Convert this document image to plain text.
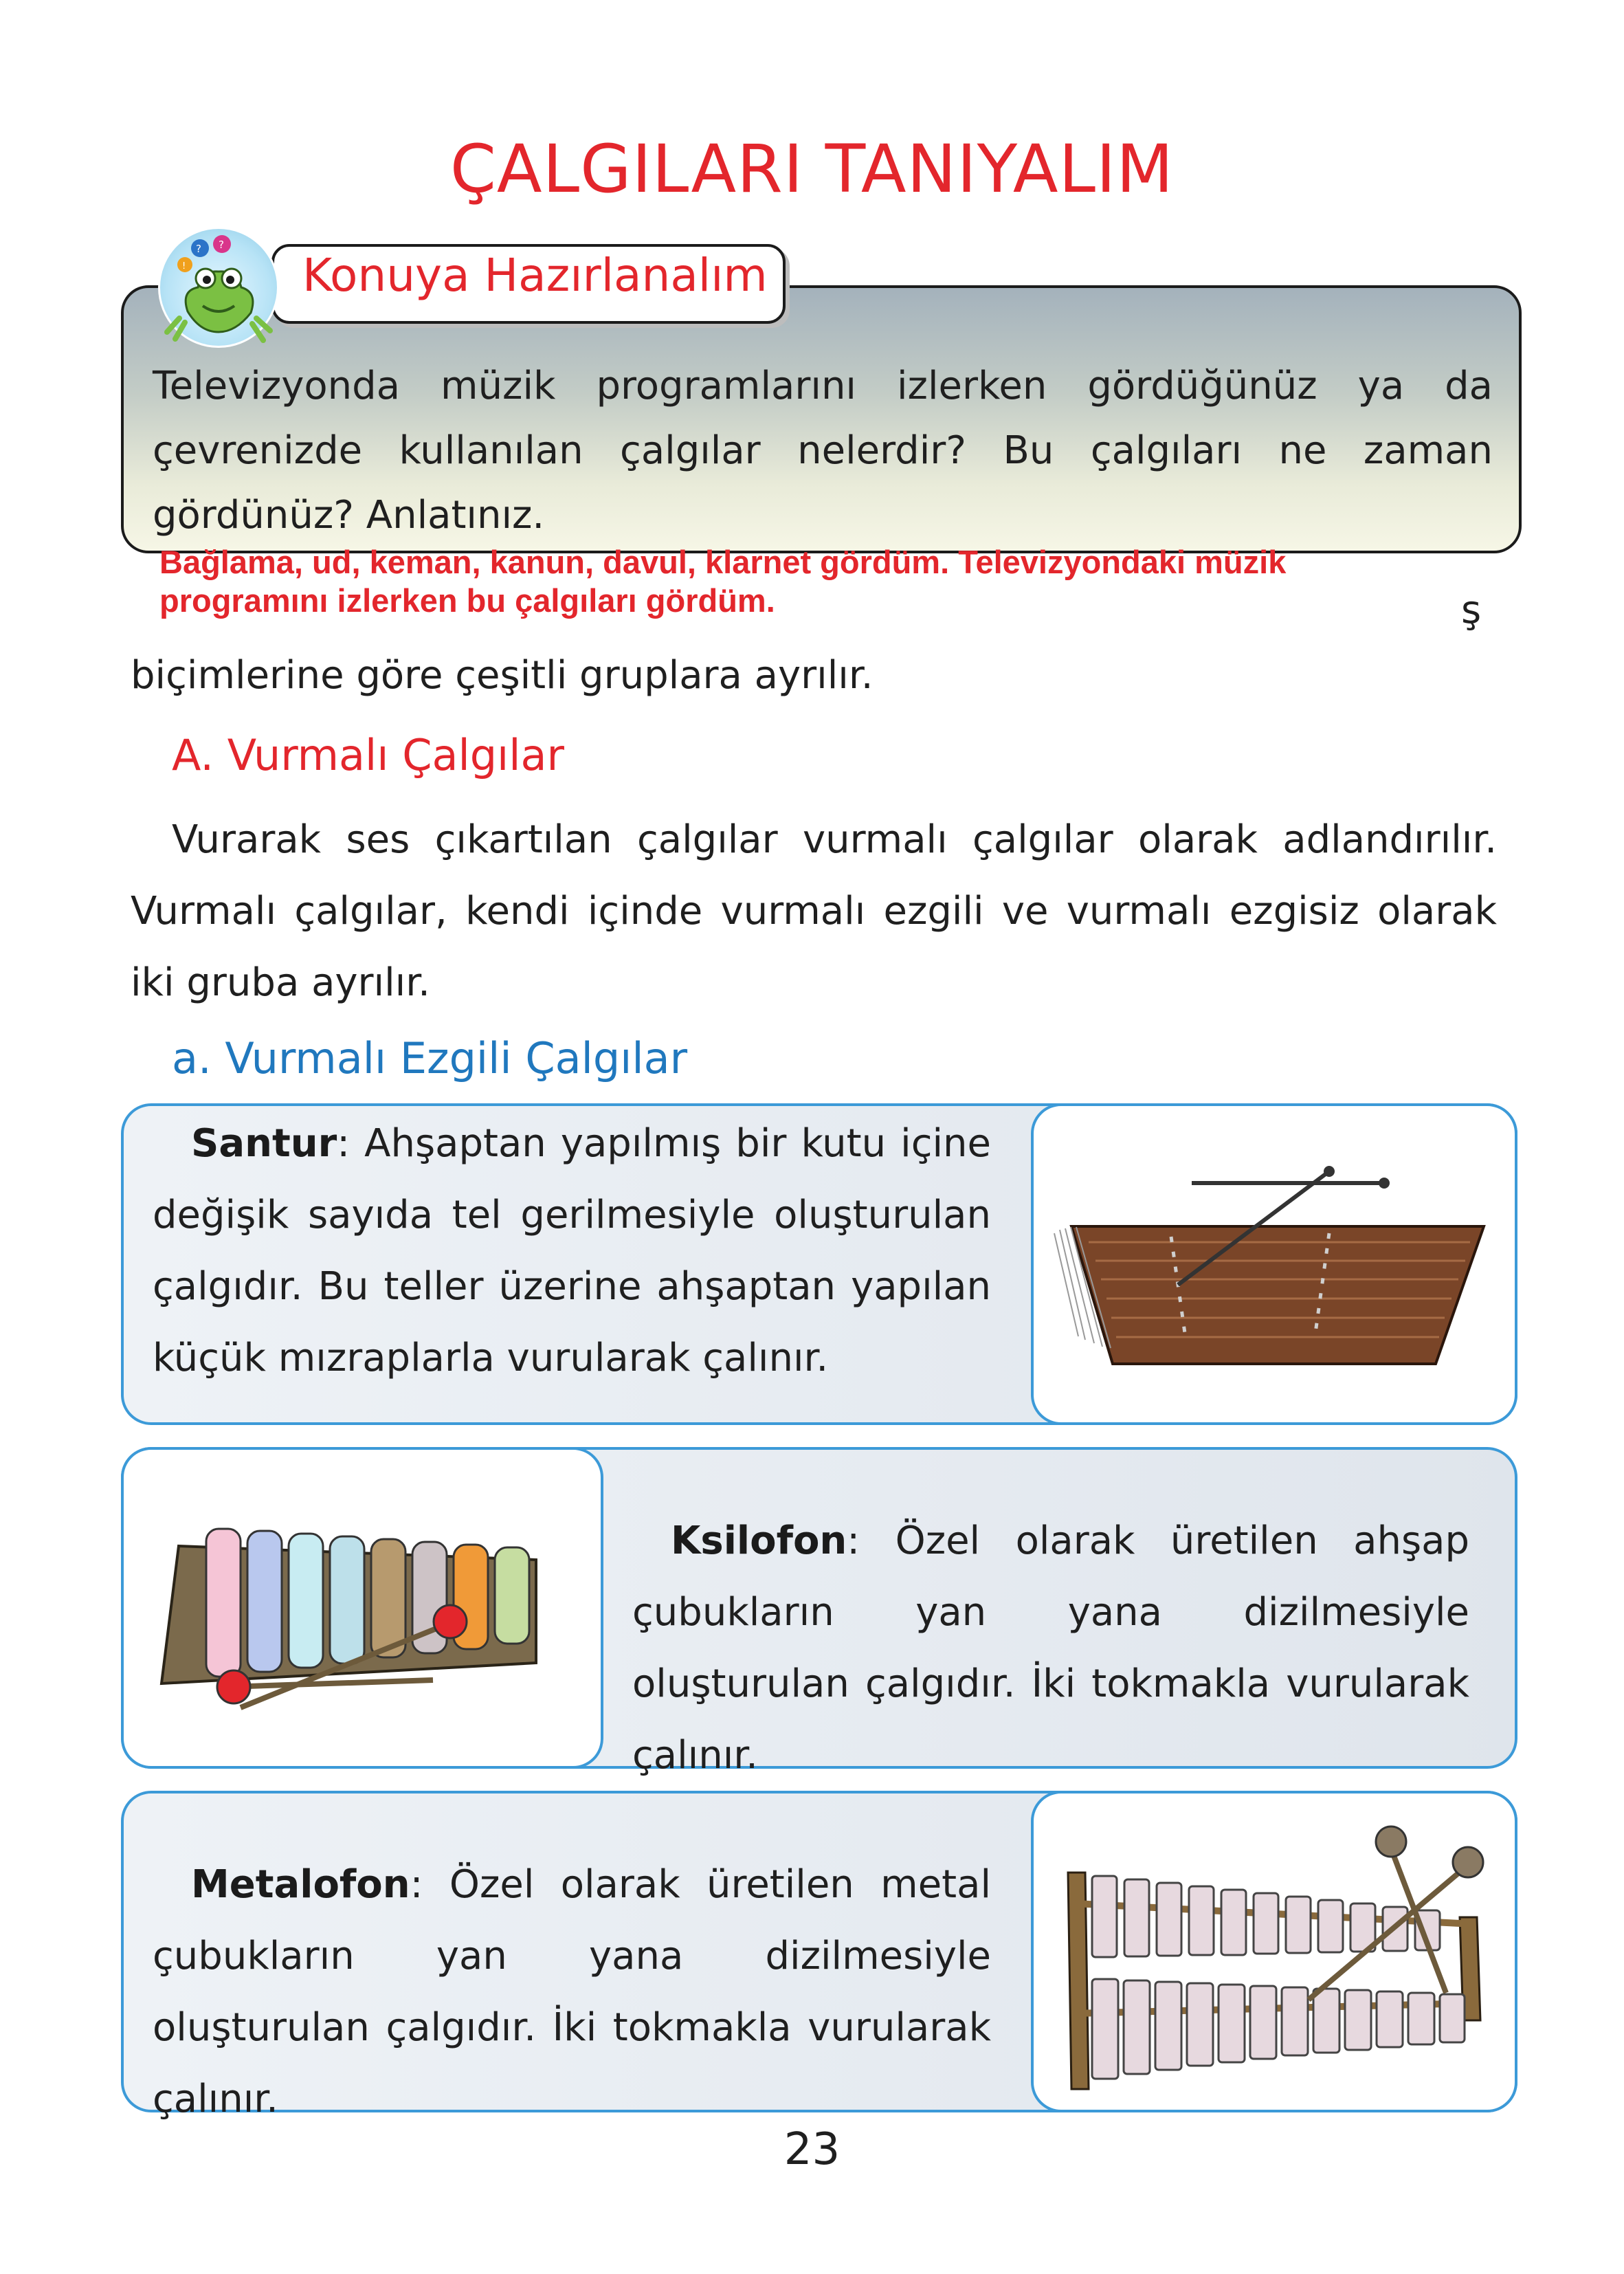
ÇALGILARI TANIYALIM
Televizyonda müzik programlarını izlerken gördüğünüz ya da çevrenizde kullanılan çalgılar nelerdir? Bu çalgıları ne zaman gördünüz? Anlatınız.
Konuya Hazırlanalım
? ?
!
Bağlama, ud, keman, kanun, davul, klarnet gördüm. Televizyondaki müzik programını izlerken bu çalgıları gördüm.	ş
biçimlerine göre çeşitli gruplara ayrılır.
A. Vurmalı Çalgılar

Vurarak ses çıkartılan çalgılar vurmalı çalgılar olarak adlandırılır. Vurmalı çalgılar, kendi içinde vurmalı ezgili ve vurmalı ezgisiz olarak iki gruba ayrılır.

a. Vurmalı Ezgili Çalgılar
Santur: Ahşaptan yapılmış bir kutu içine değişik sayıda tel gerilmesiyle oluşturulan çalgıdır. Bu teller üzerine ahşaptan yapılan küçük mızraplarla vurularak çalınır.
Ksilofon: Özel olarak üretilen ahşap çubukların yan yana dizilmesiyle oluşturulan çalgıdır. İki tokmakla vurularak çalınır.
Metalofon: Özel olarak üretilen metal çubukların yan yana dizilmesiyle oluşturulan çalgıdır. İki tokmakla vurularak çalınır.
23
